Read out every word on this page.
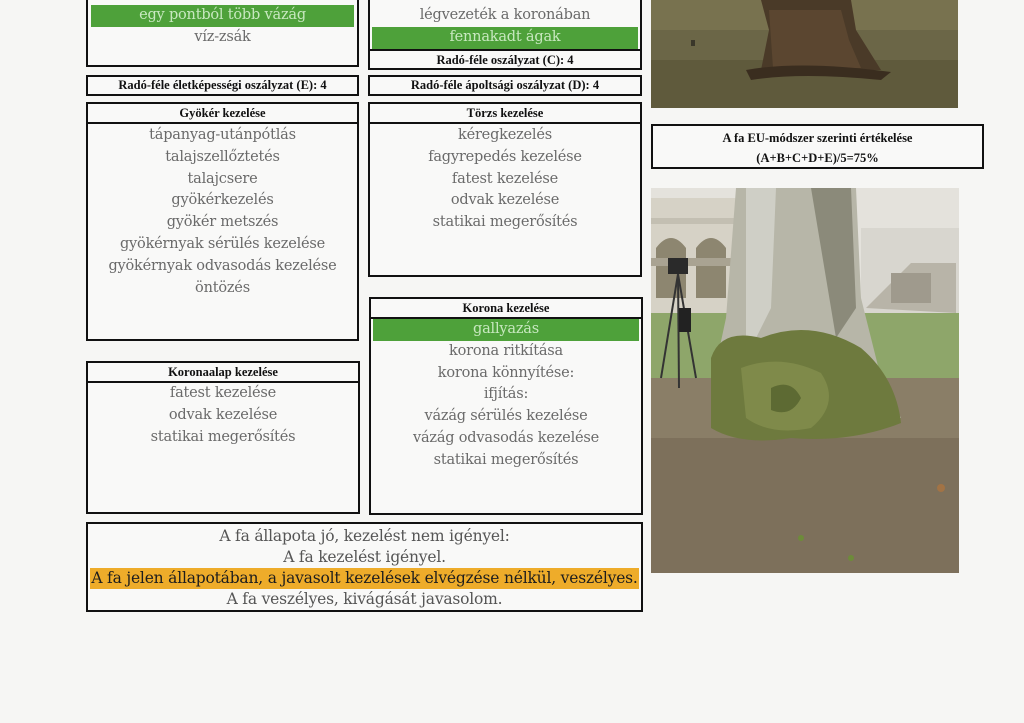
egy pontból több vázág
víz-zsák
légvezeték a koronában
fennakadt ágak
Radó-féle oszályzat (C): 4
Radó-féle életképességi oszályzat (E): 4	Radó-féle ápoltsági oszályzat (D): 4
Gyökér kezelése
tápanyag-utánpótlás
talajszellőztetés
talajcsere
gyökérkezelés
gyökér metszés
gyökérnyak sérülés kezelése
gyökérnyak odvasodás kezelése
öntözés
Törzs kezelése
kéregkezelés
fagyrepedés kezelése
fatest kezelése
odvak kezelése
statikai megerősítés
Korona kezelése
gallyazás
korona ritkítása
korona könnyítése:
ifjítás:
vázág sérülés kezelése
vázág odvasodás kezelése
statikai megerősítés
Koronaalap kezelése
fatest kezelése
odvak kezelése
statikai megerősítés
A fa állapota jó, kezelést nem igényel:
A fa kezelést igényel.
A fa jelen állapotában, a javasolt kezelések elvégzése nélkül, veszélyes.
A fa veszélyes, kivágását javasolom.
A fa EU-módszer szerinti értékelése
(A+B+C+D+E)/5=75%
